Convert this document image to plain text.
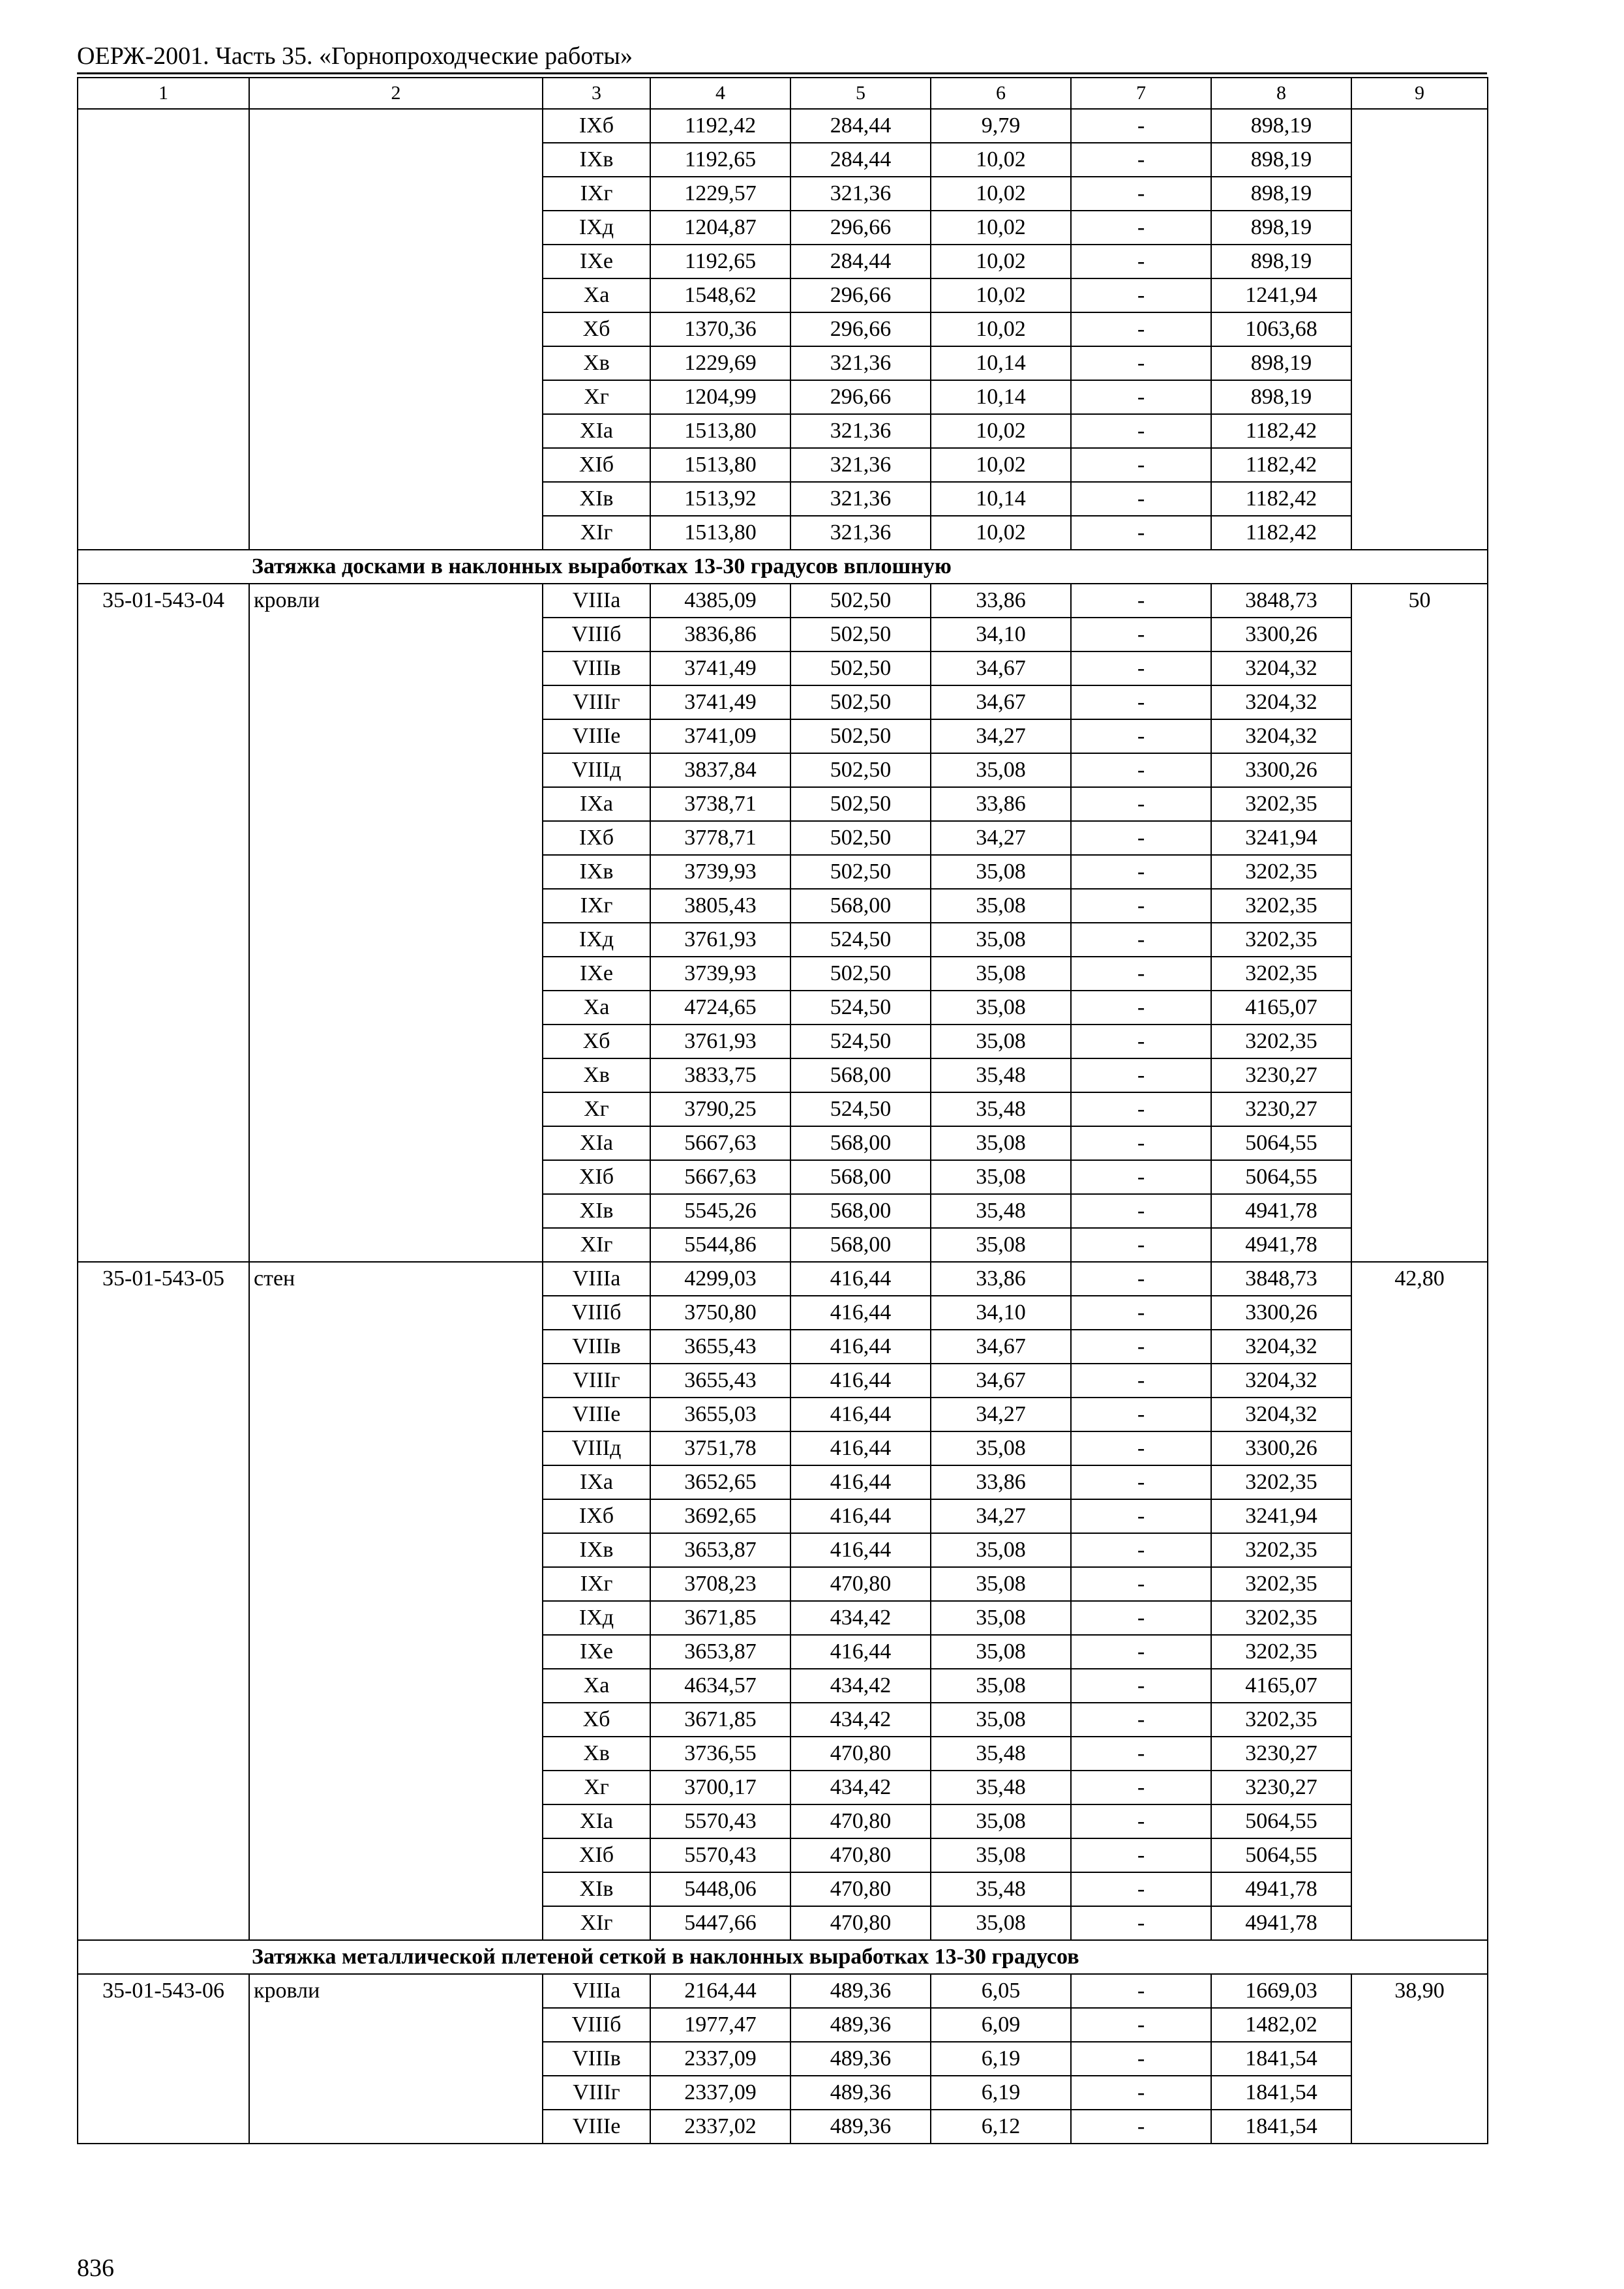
ОЕРЖ-2001. Часть 35. «Горнопроходческие работы»
1	2	3	4	5	6	7	8	9
		IXб	1192,42	284,44	9,79	-	898,19	
		IXв	1192,65	284,44	10,02	-	898,19	
		IXг	1229,57	321,36	10,02	-	898,19	
		IXд	1204,87	296,66	10,02	-	898,19	
		IXе	1192,65	284,44	10,02	-	898,19	
		Xа	1548,62	296,66	10,02	-	1241,94	
		Xб	1370,36	296,66	10,02	-	1063,68	
		Xв	1229,69	321,36	10,14	-	898,19	
		Xг	1204,99	296,66	10,14	-	898,19	
		XIа	1513,80	321,36	10,02	-	1182,42	
		XIб	1513,80	321,36	10,02	-	1182,42	
		XIв	1513,92	321,36	10,14	-	1182,42	
		XIг	1513,80	321,36	10,02	-	1182,42	
Затяжка досками в наклонных выработках 13-30 градусов вплошную								
35-01-543-04	кровли	VIIIа	4385,09	502,50	33,86	-	3848,73	50
		VIIIб	3836,86	502,50	34,10	-	3300,26	
		VIIIв	3741,49	502,50	34,67	-	3204,32	
		VIIIг	3741,49	502,50	34,67	-	3204,32	
		VIIIе	3741,09	502,50	34,27	-	3204,32	
		VIIIд	3837,84	502,50	35,08	-	3300,26	
		IXа	3738,71	502,50	33,86	-	3202,35	
		IXб	3778,71	502,50	34,27	-	3241,94	
		IXв	3739,93	502,50	35,08	-	3202,35	
		IXг	3805,43	568,00	35,08	-	3202,35	
		IXд	3761,93	524,50	35,08	-	3202,35	
		IXе	3739,93	502,50	35,08	-	3202,35	
		Xа	4724,65	524,50	35,08	-	4165,07	
		Xб	3761,93	524,50	35,08	-	3202,35	
		Xв	3833,75	568,00	35,48	-	3230,27	
		Xг	3790,25	524,50	35,48	-	3230,27	
		XIа	5667,63	568,00	35,08	-	5064,55	
		XIб	5667,63	568,00	35,08	-	5064,55	
		XIв	5545,26	568,00	35,48	-	4941,78	
		XIг	5544,86	568,00	35,08	-	4941,78	
35-01-543-05	стен	VIIIа	4299,03	416,44	33,86	-	3848,73	42,80
		VIIIб	3750,80	416,44	34,10	-	3300,26	
		VIIIв	3655,43	416,44	34,67	-	3204,32	
		VIIIг	3655,43	416,44	34,67	-	3204,32	
		VIIIе	3655,03	416,44	34,27	-	3204,32	
		VIIIд	3751,78	416,44	35,08	-	3300,26	
		IXа	3652,65	416,44	33,86	-	3202,35	
		IXб	3692,65	416,44	34,27	-	3241,94	
		IXв	3653,87	416,44	35,08	-	3202,35	
		IXг	3708,23	470,80	35,08	-	3202,35	
		IXд	3671,85	434,42	35,08	-	3202,35	
		IXе	3653,87	416,44	35,08	-	3202,35	
		Xа	4634,57	434,42	35,08	-	4165,07	
		Xб	3671,85	434,42	35,08	-	3202,35	
		Xв	3736,55	470,80	35,48	-	3230,27	
		Xг	3700,17	434,42	35,48	-	3230,27	
		XIа	5570,43	470,80	35,08	-	5064,55	
		XIб	5570,43	470,80	35,08	-	5064,55	
		XIв	5448,06	470,80	35,48	-	4941,78	
		XIг	5447,66	470,80	35,08	-	4941,78	
Затяжка металлической плетеной сеткой в наклонных выработках 13-30 градусов								
35-01-543-06	кровли	VIIIа	2164,44	489,36	6,05	-	1669,03	38,90
		VIIIб	1977,47	489,36	6,09	-	1482,02	
		VIIIв	2337,09	489,36	6,19	-	1841,54	
		VIIIг	2337,09	489,36	6,19	-	1841,54	
		VIIIе	2337,02	489,36	6,12	-	1841,54	
836
